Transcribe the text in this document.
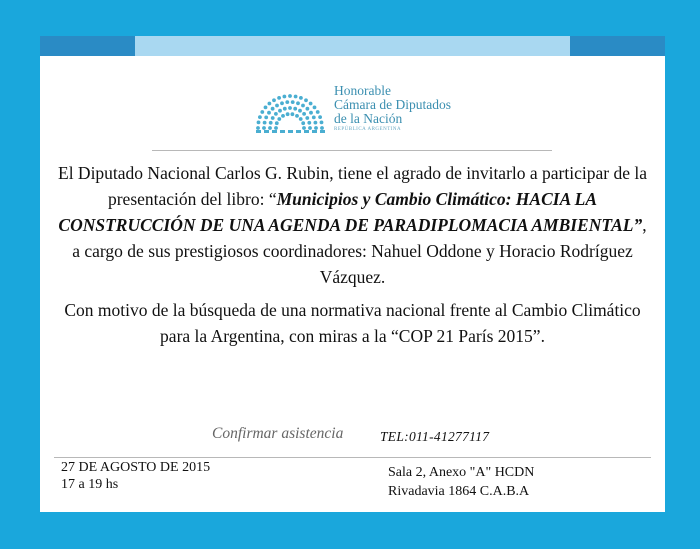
Honorable
Cámara de Diputados
de la Nación
REPÚBLICA ARGENTINA

El Diputado Nacional Carlos G. Rubin, tiene el agrado de invitarlo a participar de la presentación del libro: “Municipios y Cambio Climático: HACIA LA CONSTRUCCIÓN DE UNA AGENDA DE PARADIPLOMACIA AMBIENTAL”, a cargo de sus prestigiosos coordinadores: Nahuel Oddone y Horacio Rodríguez Vázquez.

Con motivo de la búsqueda de una normativa nacional frente al Cambio Climático para la Argentina, con miras a la “COP 21 París 2015”.

Confirmar asistencia	TEL:011-41277117
27 DE AGOSTO DE 2015
17 a 19 hs
Sala 2, Anexo "A" HCDN
Rivadavia 1864 C.A.B.A
